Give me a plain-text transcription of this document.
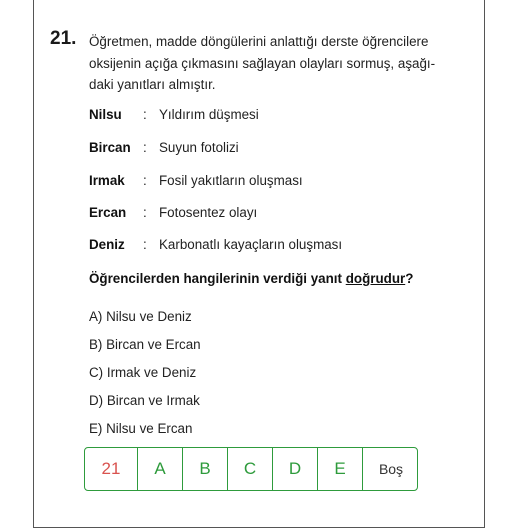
21. Öğretmen, madde döngülerini anlattığı derste öğrencilere
oksijenin açığa çıkmasını sağlayan olayları sormuş, aşağı-
daki yanıtları almıştır.
Nilsu : Yıldırım düşmesi
Bircan : Suyun fotolizi
Irmak : Fosil yakıtların oluşması
Ercan : Fotosentez olayı
Deniz : Karbonatlı kayaçların oluşması
Öğrencilerden hangilerinin verdiği yanıt doğrudur?
A) Nilsu ve Deniz
B) Bircan ve Ercan
C) Irmak ve Deniz
D) Bircan ve Irmak
E) Nilsu ve Ercan
21	A	B	C	D	E	Boş
